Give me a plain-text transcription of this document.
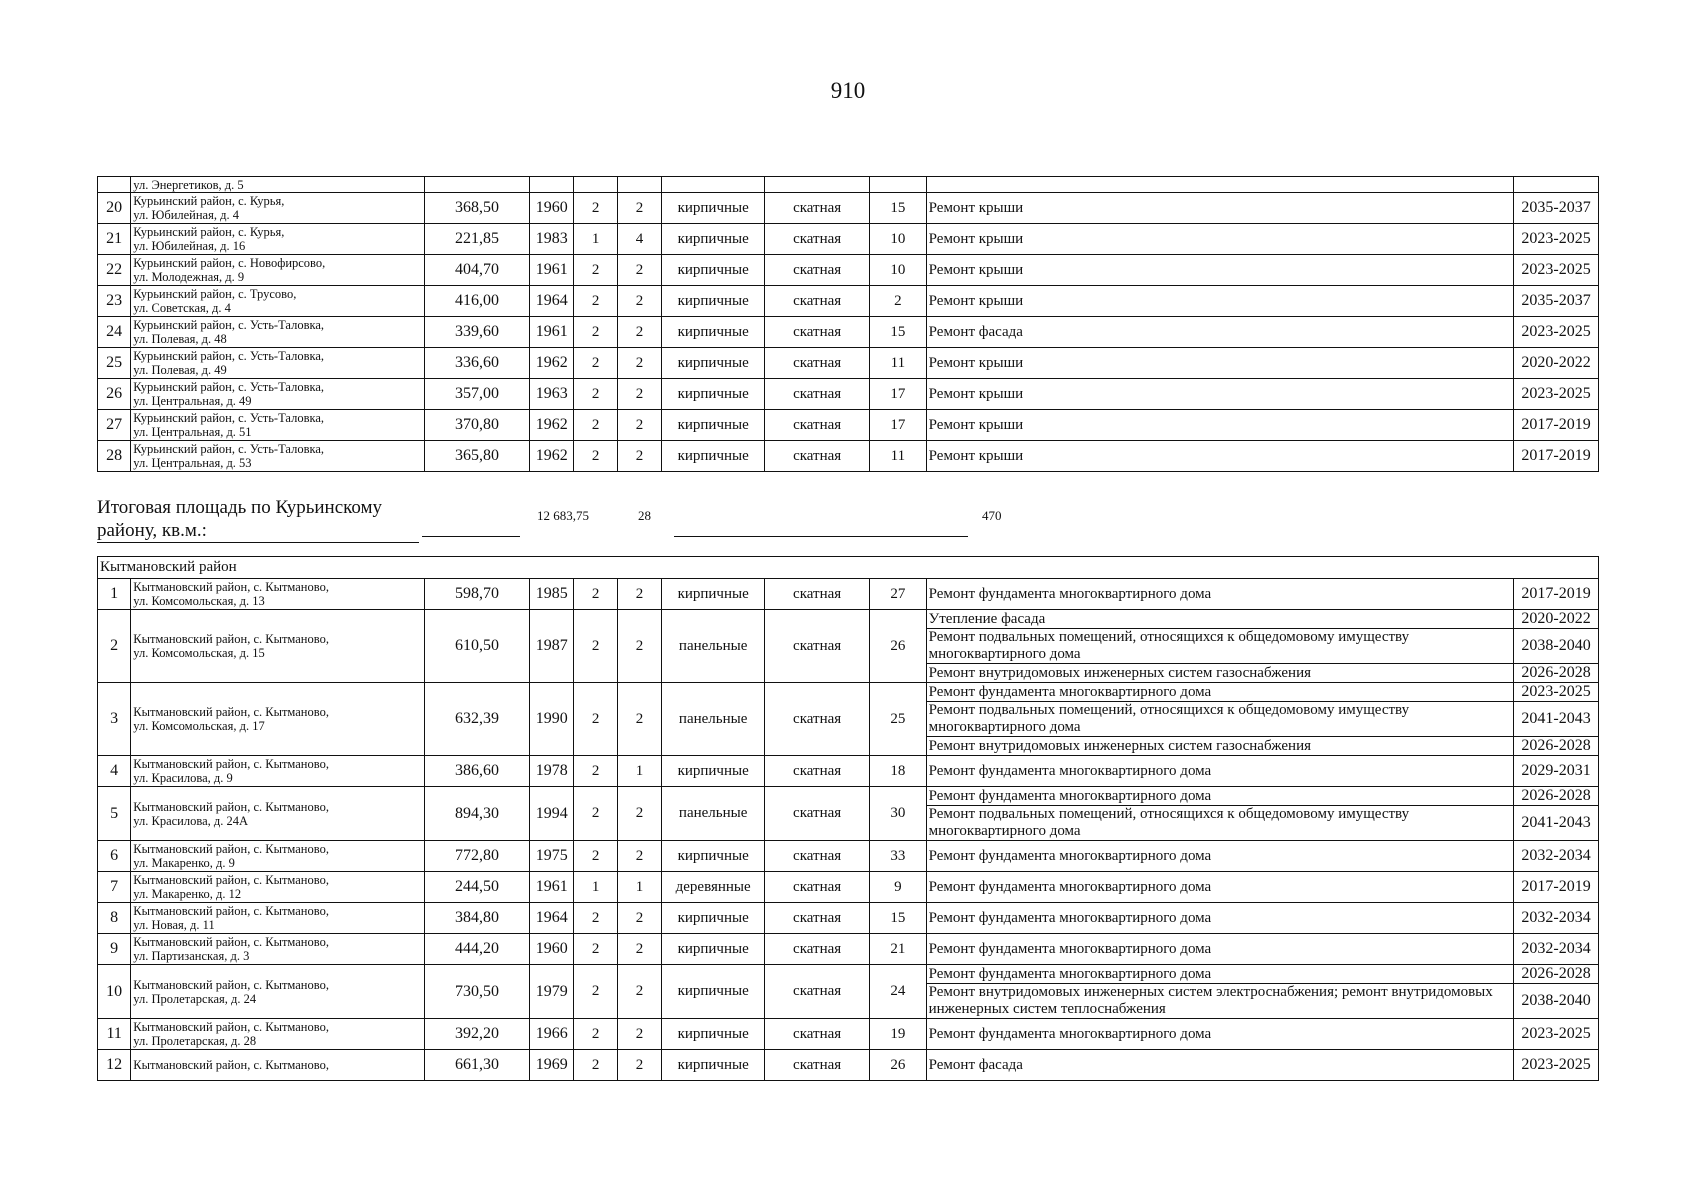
910
	ул. Энергетиков, д. 5									
20	Курьинский район, с. Курья,
ул. Юбилейная, д. 4	368,50	1960	2	2	кирпичные	скатная	15	Ремонт крыши	2035-2037
21	Курьинский район, с. Курья,
ул. Юбилейная, д. 16	221,85	1983	1	4	кирпичные	скатная	10	Ремонт крыши	2023-2025
22	Курьинский район, с. Новофирсово,
ул. Молодежная, д. 9	404,70	1961	2	2	кирпичные	скатная	10	Ремонт крыши	2023-2025
23	Курьинский район, с. Трусово,
ул. Советская, д. 4	416,00	1964	2	2	кирпичные	скатная	2	Ремонт крыши	2035-2037
24	Курьинский район, с. Усть-Таловка,
ул. Полевая, д. 48	339,60	1961	2	2	кирпичные	скатная	15	Ремонт фасада	2023-2025
25	Курьинский район, с. Усть-Таловка,
ул. Полевая, д. 49	336,60	1962	2	2	кирпичные	скатная	11	Ремонт крыши	2020-2022
26	Курьинский район, с. Усть-Таловка,
ул. Центральная, д. 49	357,00	1963	2	2	кирпичные	скатная	17	Ремонт крыши	2023-2025
27	Курьинский район, с. Усть-Таловка,
ул. Центральная, д. 51	370,80	1962	2	2	кирпичные	скатная	17	Ремонт крыши	2017-2019
28	Курьинский район, с. Усть-Таловка,
ул. Центральная, д. 53	365,80	1962	2	2	кирпичные	скатная	11	Ремонт крыши	2017-2019
Итоговая площадь по Курьинскому району, кв.м.:
12 683,75	28	470
Кытмановский район										
1	Кытмановский район, с. Кытманово,
ул. Комсомольская, д. 13	598,70	1985	2	2	кирпичные	скатная	27	Ремонт фундамента многоквартирного дома	2017-2019
2	Кытмановский район, с. Кытманово,
ул. Комсомольская, д. 15	610,50	1987	2	2	панельные	скатная	26	Утепление фасада	2020-2022
									Ремонт подвальных помещений, относящихся к общедомовому имуществу многоквартирного дома	2038-2040
									Ремонт внутридомовых инженерных систем газоснабжения	2026-2028
3	Кытмановский район, с. Кытманово,
ул. Комсомольская, д. 17	632,39	1990	2	2	панельные	скатная	25	Ремонт фундамента многоквартирного дома	2023-2025
									Ремонт подвальных помещений, относящихся к общедомовому имуществу многоквартирного дома	2041-2043
									Ремонт внутридомовых инженерных систем газоснабжения	2026-2028
4	Кытмановский район, с. Кытманово,
ул. Красилова, д. 9	386,60	1978	2	1	кирпичные	скатная	18	Ремонт фундамента многоквартирного дома	2029-2031
5	Кытмановский район, с. Кытманово,
ул. Красилова, д. 24А	894,30	1994	2	2	панельные	скатная	30	Ремонт фундамента многоквартирного дома	2026-2028
									Ремонт подвальных помещений, относящихся к общедомовому имуществу многоквартирного дома	2041-2043
6	Кытмановский район, с. Кытманово,
ул. Макаренко, д. 9	772,80	1975	2	2	кирпичные	скатная	33	Ремонт фундамента многоквартирного дома	2032-2034
7	Кытмановский район, с. Кытманово,
ул. Макаренко, д. 12	244,50	1961	1	1	деревянные	скатная	9	Ремонт фундамента многоквартирного дома	2017-2019
8	Кытмановский район, с. Кытманово,
ул. Новая, д. 11	384,80	1964	2	2	кирпичные	скатная	15	Ремонт фундамента многоквартирного дома	2032-2034
9	Кытмановский район, с. Кытманово,
ул. Партизанская, д. 3	444,20	1960	2	2	кирпичные	скатная	21	Ремонт фундамента многоквартирного дома	2032-2034
10	Кытмановский район, с. Кытманово,
ул. Пролетарская, д. 24	730,50	1979	2	2	кирпичные	скатная	24	Ремонт фундамента многоквартирного дома	2026-2028
									Ремонт внутридомовых инженерных систем электроснабжения; ремонт внутридомовых инженерных систем теплоснабжения	2038-2040
11	Кытмановский район, с. Кытманово,
ул. Пролетарская, д. 28	392,20	1966	2	2	кирпичные	скатная	19	Ремонт фундамента многоквартирного дома	2023-2025
12	Кытмановский район, с. Кытманово,	661,30	1969	2	2	кирпичные	скатная	26	Ремонт фасада	2023-2025
